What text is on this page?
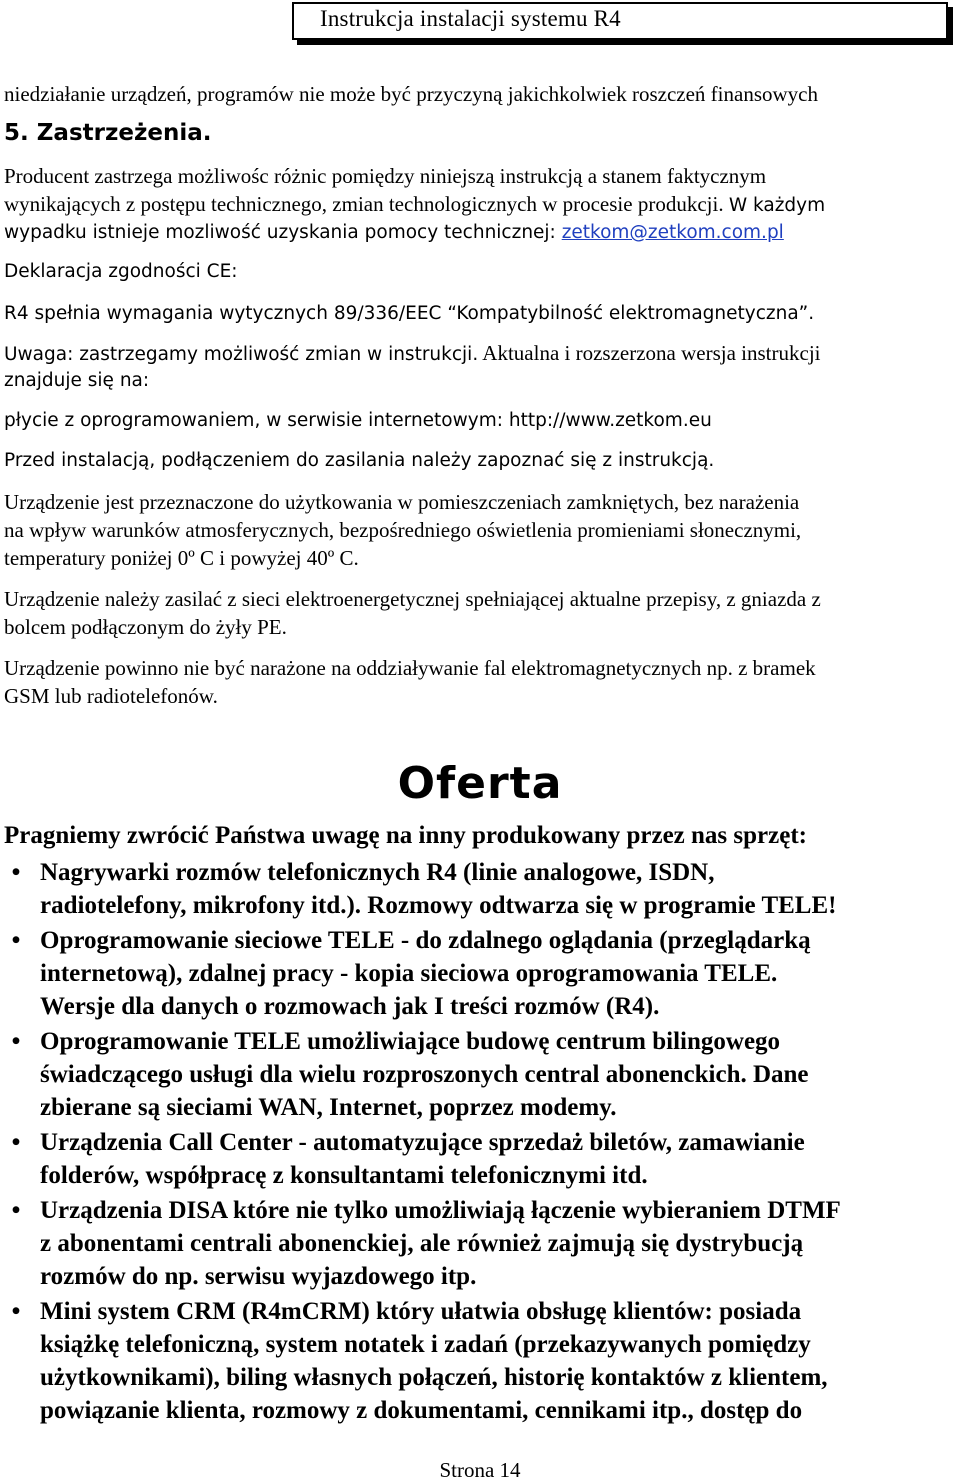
Instrukcja instalacji systemu R4
niedziałanie urządzeń, programów nie może być przyczyną jakichkolwiek roszczeń finansowych
5. Zastrzeżenia.
Producent zastrzega możliwośc różnic pomiędzy niniejszą instrukcją a stanem faktycznym
wynikających z postępu technicznego, zmian technologicznych w procesie produkcji. W każdym
wypadku istnieje mozliwość uzyskania pomocy technicznej: zetkom@zetkom.com.pl
Deklaracja zgodności CE:
R4 spełnia wymagania wytycznych 89/336/EEC “Kompatybilność elektromagnetyczna”.
Uwaga: zastrzegamy możliwość zmian w instrukcji. Aktualna i rozszerzona wersja instrukcji
znajduje się na:
płycie z oprogramowaniem, w serwisie internetowym: http://www.zetkom.eu
Przed instalacją, podłączeniem do zasilania należy zapoznać się z instrukcją.
Urządzenie jest przeznaczone do użytkowania w pomieszczeniach zamkniętych, bez narażenia
na wpływ warunków atmosferycznych, bezpośredniego oświetlenia promieniami słonecznymi,
temperatury poniżej 0º C i powyżej 40º C.
Urządzenie należy zasilać z sieci elektroenergetycznej spełniającej aktualne przepisy, z gniazda z
bolcem podłączonym do żyły PE.
Urządzenie powinno nie być narażone na oddziaływanie fal elektromagnetycznych np. z bramek
GSM lub radiotelefonów.
Oferta
Pragniemy zwrócić Państwa uwagę na inny produkowany przez nas sprzęt:
• Nagrywarki rozmów telefonicznych R4 (linie analogowe, ISDN,
radiotelefony, mikrofony itd.). Rozmowy odtwarza się w programie TELE!
• Oprogramowanie sieciowe TELE - do zdalnego oglądania (przeglądarką
internetową), zdalnej pracy - kopia sieciowa oprogramowania TELE.
Wersje dla danych o rozmowach jak I treści rozmów (R4).
• Oprogramowanie TELE umożliwiające budowę centrum bilingowego
świadczącego usługi dla wielu rozproszonych central abonenckich. Dane
zbierane są sieciami WAN, Internet, poprzez modemy.
• Urządzenia Call Center - automatyzujące sprzedaż biletów, zamawianie
folderów, współpracę z konsultantami telefonicznymi itd.
• Urządzenia DISA które nie tylko umożliwiają łączenie wybieraniem DTMF
z abonentami centrali abonenckiej, ale również zajmują się dystrybucją
rozmów do np. serwisu wyjazdowego itp.
• Mini system CRM (R4mCRM) który ułatwia obsługę klientów: posiada
książkę telefoniczną, system notatek i zadań (przekazywanych pomiędzy
użytkownikami), biling własnych połączeń, historię kontaktów z klientem,
powiązanie klienta, rozmowy z dokumentami, cennikami itp., dostęp do
Strona 14
